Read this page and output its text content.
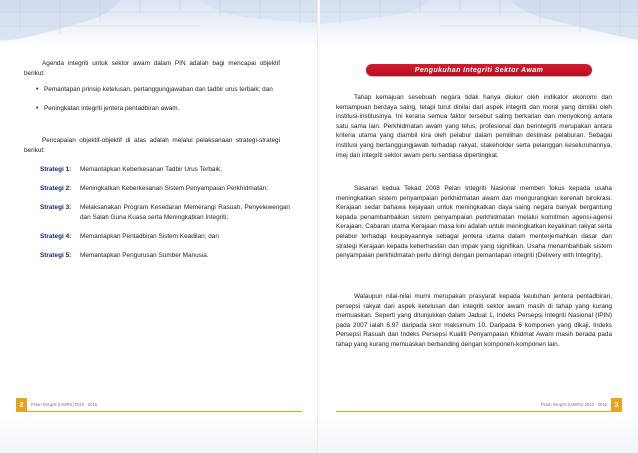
Agenda integriti untuk sektor awam dalam PIN adalah bagi mencapai objektif berikut:

• Pemantapan prinsip ketelusan, pertanggungjawaban dan tadbir urus terbaik; dan
• Peningkatan integriti jentera pentadbiran awam.

Pencapaian objektif-objektif di atas adalah melalui pelaksanaan strategi-strategi berikut:

Strategi 1:	Memantapkan Keberkesanan Tadbir Urus Terbaik;
Strategi 2:	Meningkatkan Keberkesanan Sistem Penyampaian Perkhidmatan;
Strategi 3:	Melaksanakan Program Kesedaran Memerangi Rasuah, Penyelewengan dan Salah Guna Kuasa serta Meningkatkan Integriti;
Strategi 4:	Memantapkan Pentadbiran Sistem Keadilan; dan
Strategi 5:	Memantapkan Pengurusan Sumber Manusia.
2	Pelan Integriti (IAMPS) 2010 - 2015
Pengukuhan Integriti Sektor Awam

Tahap kemajuan sesebuah negara tidak hanya diukur oleh indikator ekonomi dan kemampuan berdaya saing, tetapi turut dinilai dari aspek integriti dan moral yang dimiliki oleh institusi-institusinya. Ini kerana semua faktor tersebut saling berkaitan dan menyokong antara satu sama lain. Perkhidmatan awam yang telus, profesional dan berintegriti merupakan antara kriteria utama yang diambil kira oleh pelabur dalam pemilihan destinasi pelaburan. Sebagai institusi yang bertanggungjawab terhadap rakyat, stakeholder serta pelanggan keseluruhannya, imej dan integriti sektor awam perlu sentiasa dipertingkat.

Sasaran kedua Tekad 2008 Pelan Integriti Nasional memberi fokus kepada usaha meningkatkan sistem penyampaian perkhidmatan awam dan mengurangkan kerenah birokrasi. Kerajaan sedar bahawa kejayaan untuk meningkatkan daya saing negara banyak bergantung kepada penambahbaikan sistem penyampaian perkhidmatan melalui komitmen agensi-agensi Kerajaan. Cabaran utama Kerajaan masa kini adalah untuk meningkatkan keyakinan rakyat serta pelabur terhadap keupayaannya sebagai jentera utama dalam menterjemahkan dasar dan strategi Kerajaan kepada keberhasilan dan impak yang signifikan. Usaha menambahbaik sistem penyampaian perkhidmatan perlu diiringi dengan pemantapan integriti (Delivery with Integrity).

Walaupun nilai-nilai murni merupakan prasyarat kepada keutuhan jentera pentadbiran, persepsi rakyat dari aspek ketelusan dan integriti sektor awam masih di tahap yang kurang memuaskan. Seperti yang ditunjukkan dalam Jadual 1, Indeks Persepsi Integriti Nasional (IPIN) pada 2007 ialah 6.97 daripada skor maksimum 10. Daripada 6 komponen yang dikaji, Indeks Persepsi Rasuah dan Indeks Persepsi Kualiti Penyampaian Khidmat Awam masih berada pada tahap yang kurang memuaskan berbanding dengan komponen-komponen lain.

3
Pelan Integriti (IAMPS) 2010 - 2015
